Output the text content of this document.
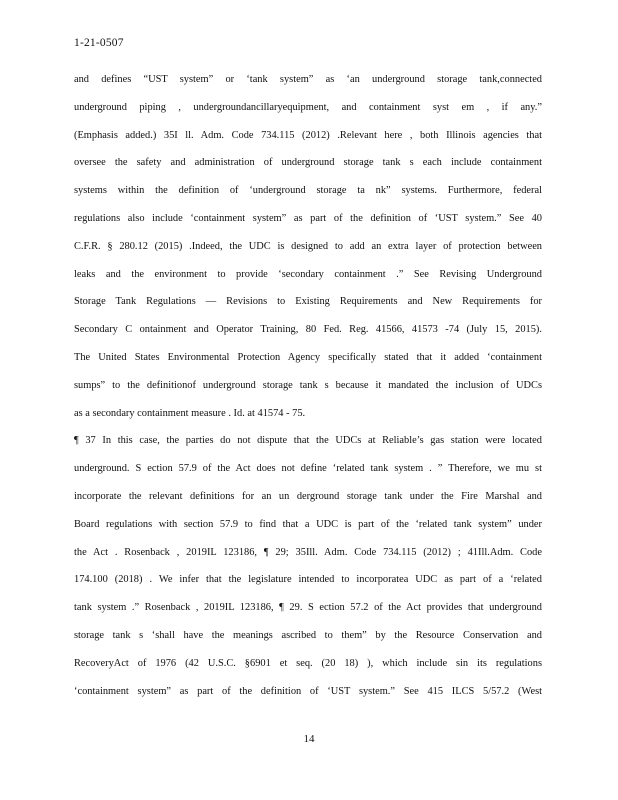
1-21-0507
and defines “UST system” or ‘tank system” as ‘an underground storage tank,connected
underground piping , undergroundancillaryequipment, and containment syst em , if any.”
(Emphasis added.) 35I ll. Adm. Code 734.115 (2012) .Relevant here , both Illinois agencies that
oversee the safety and administration of underground storage tank s each include containment
systems within the definition of ‘underground storage ta nk” systems. Furthermore, federal
regulations also include ‘containment system” as part of the definition of ‘UST system.” See 40
C.F.R. § 280.12 (2015) .Indeed, the UDC is designed to add an extra layer of protection between
leaks and the environment to provide ‘secondary containment .” See Revising Underground
Storage Tank Regulations — Revisions to Existing Requirements and New Requirements for
Secondary C ontainment and Operator Training, 80 Fed. Reg. 41566, 41573 -74 (July 15, 2015).
The United States Environmental Protection Agency specifically stated that it added ‘containment
sumps” to the definitionof underground storage tank s because it mandated the inclusion of UDCs
as a secondary containment measure . Id. at 41574 - 75.
¶ 37 In this case, the parties do not dispute that the UDCs at Reliable’s gas station were located
underground. S ection 57.9 of the Act does not define ‘related tank system . ” Therefore, we mu st
incorporate the relevant definitions for an un derground storage tank under the Fire Marshal and
Board regulations with section 57.9 to find that a UDC is part of the ‘related tank system” under
the Act . Rosenback , 2019IL 123186, ¶ 29; 35Ill. Adm. Code 734.115 (2012) ; 41Ill.Adm. Code
174.100 (2018) . We infer that the legislature intended to incorporatea UDC as part of a ‘related
tank system .” Rosenback , 2019IL 123186, ¶ 29. S ection 57.2 of the Act provides that underground
storage tank s ‘shall have the meanings ascribed to them” by the Resource Conservation and
RecoveryAct of 1976 (42 U.S.C. §6901 et seq. (20 18) ), which include sin its regulations
‘containment system” as part of the definition of ‘UST system.” See 415 ILCS 5/57.2 (West
14
